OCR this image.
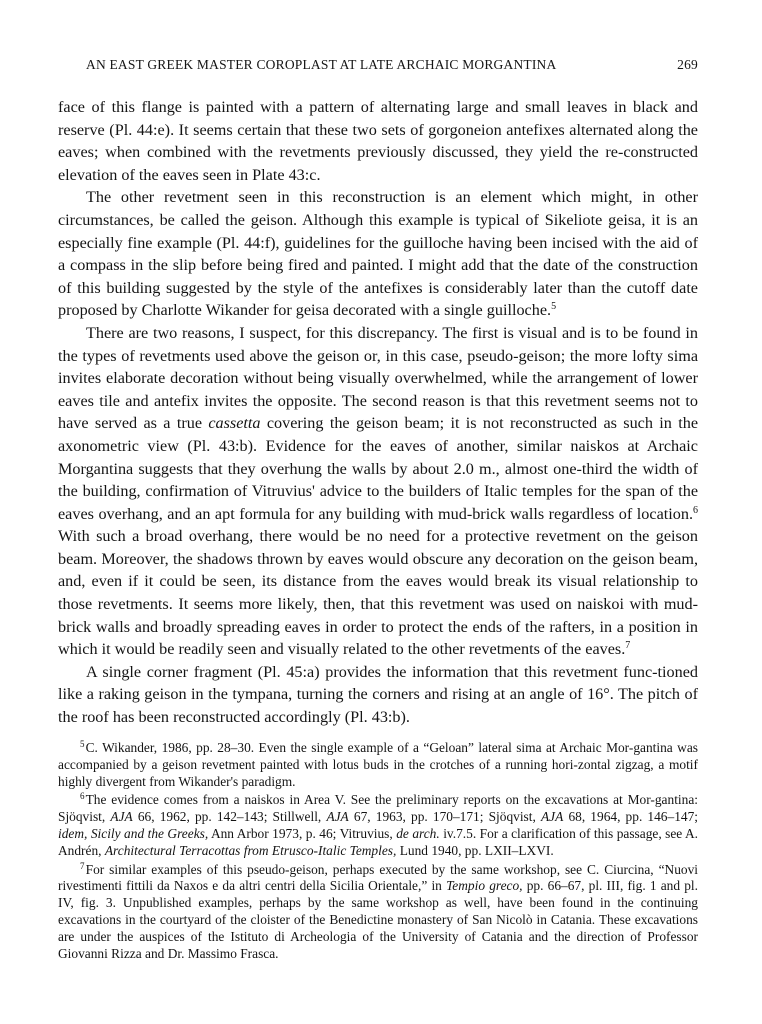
AN EAST GREEK MASTER COROPLAST AT LATE ARCHAIC MORGANTINA	269

face of this flange is painted with a pattern of alternating large and small leaves in black and reserve (Pl. 44:e). It seems certain that these two sets of gorgoneion antefixes alternated along the eaves; when combined with the revetments previously discussed, they yield the re-constructed elevation of the eaves seen in Plate 43:c.

The other revetment seen in this reconstruction is an element which might, in other circumstances, be called the geison. Although this example is typical of Sikeliote geisa, it is an especially fine example (Pl. 44:f), guidelines for the guilloche having been incised with the aid of a compass in the slip before being fired and painted. I might add that the date of the construction of this building suggested by the style of the antefixes is considerably later than the cutoff date proposed by Charlotte Wikander for geisa decorated with a single guilloche.$^5$

There are two reasons, I suspect, for this discrepancy. The first is visual and is to be found in the types of revetments used above the geison or, in this case, pseudo-geison; the more lofty sima invites elaborate decoration without being visually overwhelmed, while the arrangement of lower eaves tile and antefix invites the opposite. The second reason is that this revetment seems not to have served as a true cassetta covering the geison beam; it is not reconstructed as such in the axonometric view (Pl. 43:b). Evidence for the eaves of another, similar naiskos at Archaic Morgantina suggests that they overhung the walls by about 2.0 m., almost one-third the width of the building, confirmation of Vitruvius' advice to the builders of Italic temples for the span of the eaves overhang, and an apt formula for any building with mud-brick walls regardless of location.$^6$ With such a broad overhang, there would be no need for a protective revetment on the geison beam. Moreover, the shadows thrown by eaves would obscure any decoration on the geison beam, and, even if it could be seen, its distance from the eaves would break its visual relationship to those revetments. It seems more likely, then, that this revetment was used on naiskoi with mud-brick walls and broadly spreading eaves in order to protect the ends of the rafters, in a position in which it would be readily seen and visually related to the other revetments of the eaves.$^7$

A single corner fragment (Pl. 45:a) provides the information that this revetment func-tioned like a raking geison in the tympana, turning the corners and rising at an angle of 16°. The pitch of the roof has been reconstructed accordingly (Pl. 43:b).

$^5$ C. Wikander, 1986, pp. 28–30. Even the single example of a “Geloan” lateral sima at Archaic Mor-gantina was accompanied by a geison revetment painted with lotus buds in the crotches of a running hori-zontal zigzag, a motif highly divergent from Wikander's paradigm.

$^6$ The evidence comes from a naiskos in Area V. See the preliminary reports on the excavations at Mor-gantina: Sjöqvist, AJA 66, 1962, pp. 142–143; Stillwell, AJA 67, 1963, pp. 170–171; Sjöqvist, AJA 68, 1964, pp. 146–147; idem, Sicily and the Greeks, Ann Arbor 1973, p. 46; Vitruvius, de arch. iv.7.5. For a clarification of this passage, see A. Andrén, Architectural Terracottas from Etrusco-Italic Temples, Lund 1940, pp. LXII–LXVI.

$^7$ For similar examples of this pseudo-geison, perhaps executed by the same workshop, see C. Ciurcina, “Nuovi rivestimenti fittili da Naxos e da altri centri della Sicilia Orientale,” in Tempio greco, pp. 66–67, pl. III, fig. 1 and pl. IV, fig. 3. Unpublished examples, perhaps by the same workshop as well, have been found in the continuing excavations in the courtyard of the cloister of the Benedictine monastery of San Nicolò in Catania. These excavations are under the auspices of the Istituto di Archeologia of the University of Catania and the direction of Professor Giovanni Rizza and Dr. Massimo Frasca.
